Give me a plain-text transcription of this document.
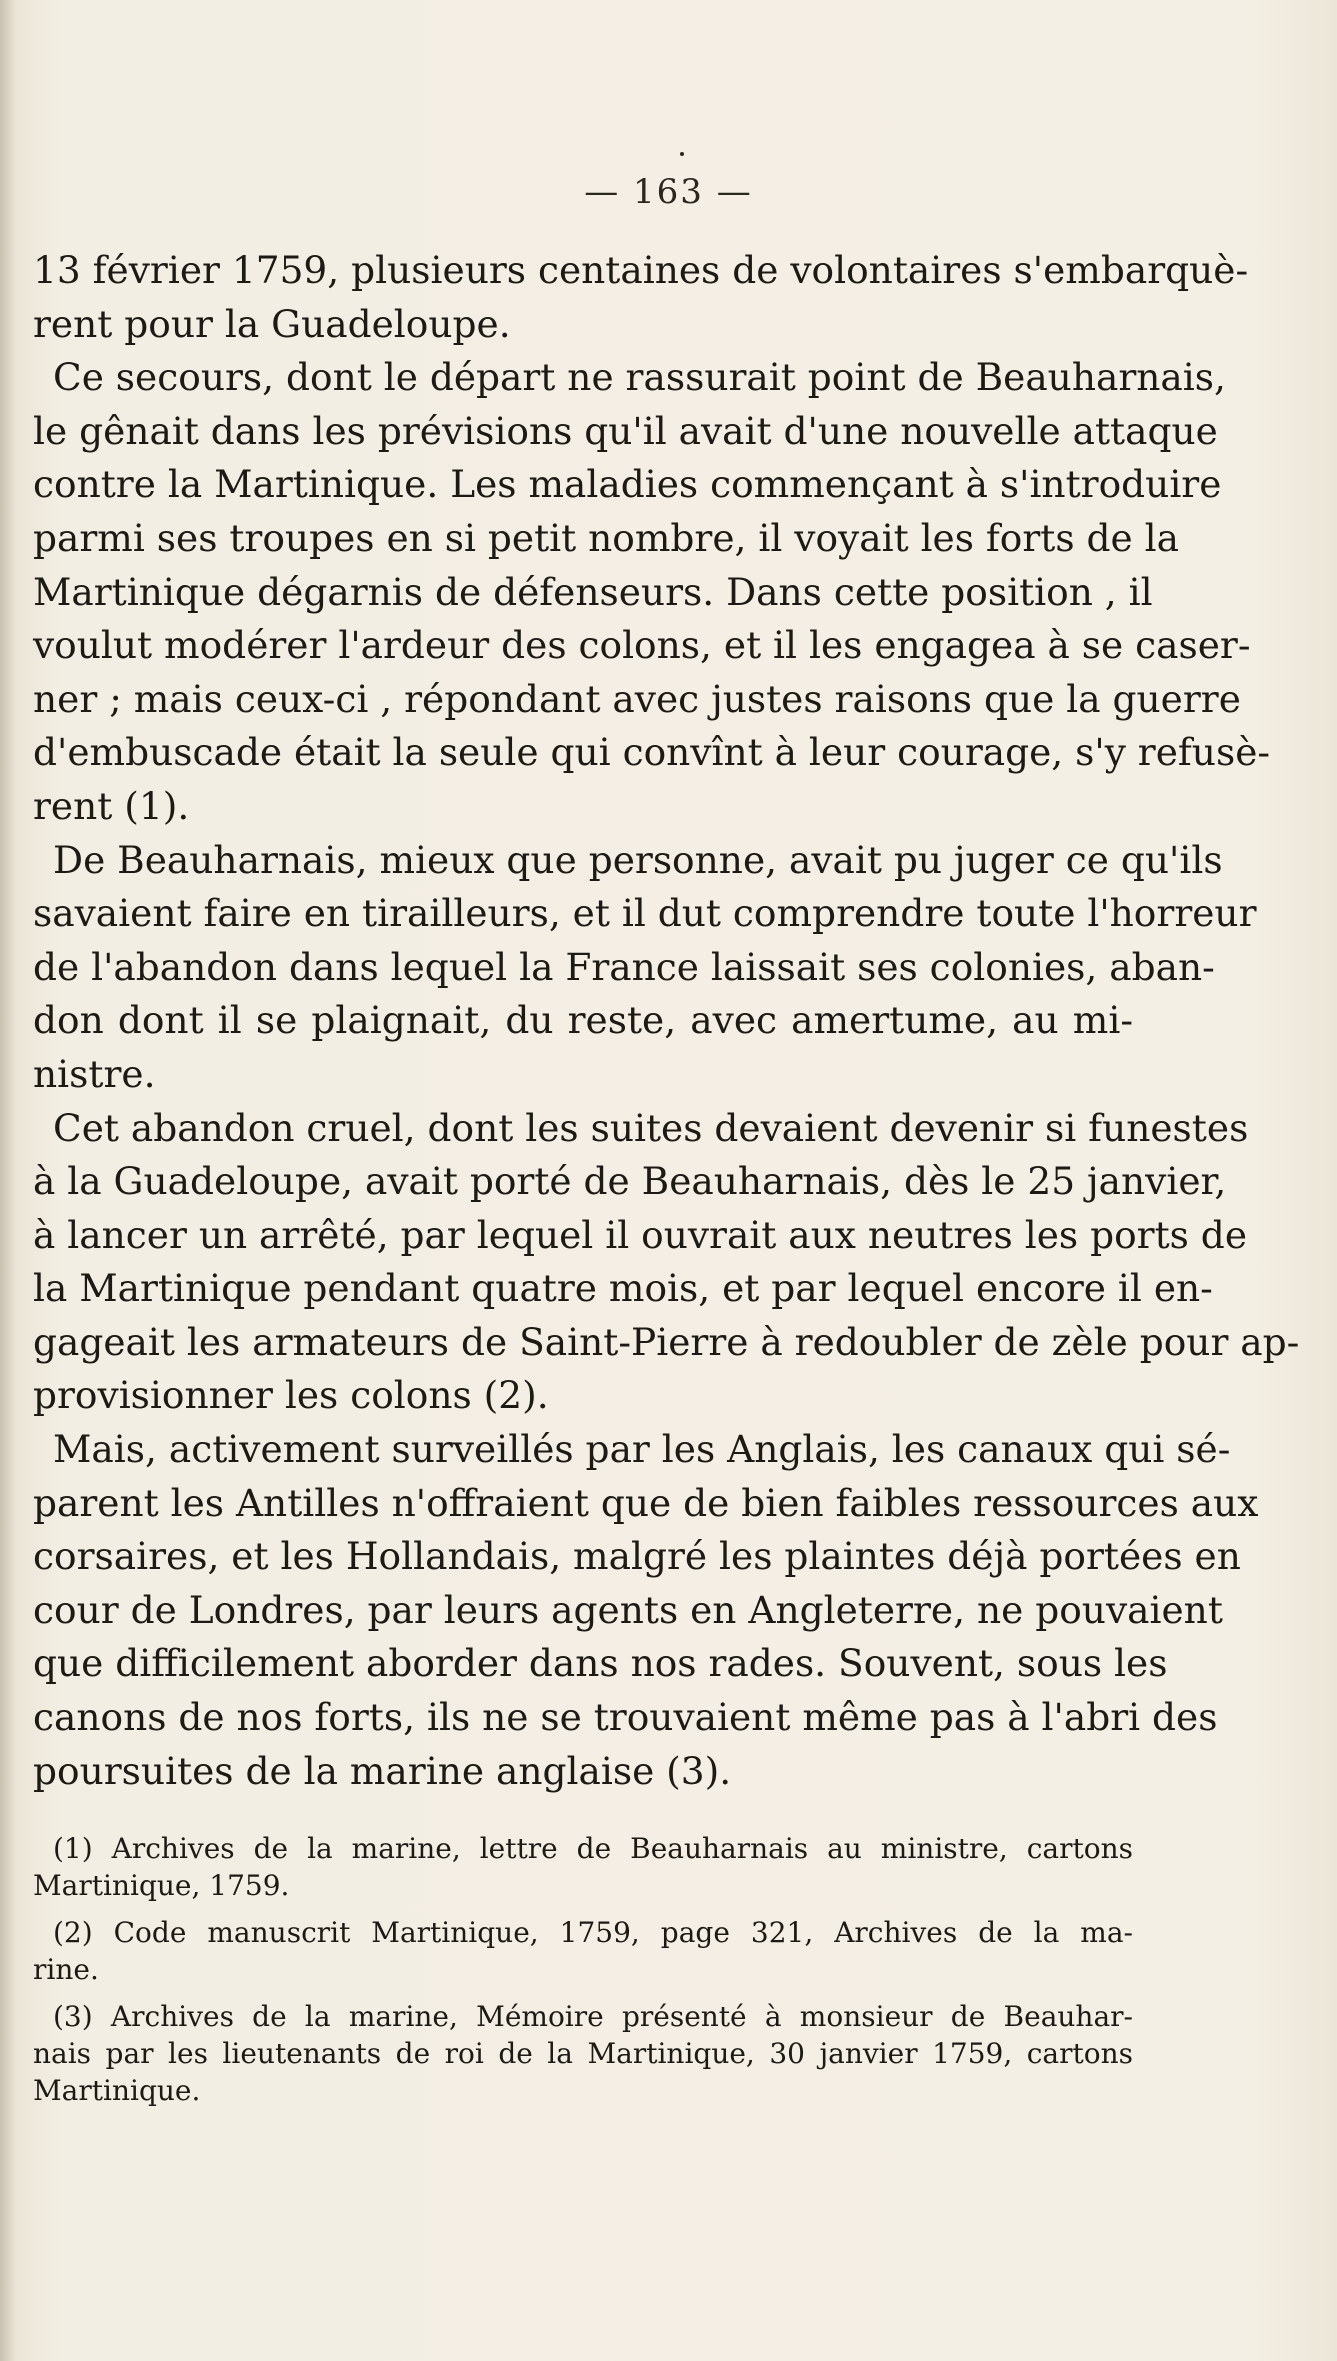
— 163 —

13 février 1759, plusieurs centaines de volontaires s'embarquè-
rent pour la Guadeloupe.

Ce secours, dont le départ ne rassurait point de Beauharnais,
le gênait dans les prévisions qu'il avait d'une nouvelle attaque
contre la Martinique. Les maladies commençant à s'introduire
parmi ses troupes en si petit nombre, il voyait les forts de la
Martinique dégarnis de défenseurs. Dans cette position , il
voulut modérer l'ardeur des colons, et il les engagea à se caser-
ner ; mais ceux-ci , répondant avec justes raisons que la guerre
d'embuscade était la seule qui convînt à leur courage, s'y refusè-
rent (1).

De Beauharnais, mieux que personne, avait pu juger ce qu'ils
savaient faire en tirailleurs, et il dut comprendre toute l'horreur
de l'abandon dans lequel la France laissait ses colonies, aban-
don dont il se plaignait, du reste, avec amertume, au mi-
nistre.

Cet abandon cruel, dont les suites devaient devenir si funestes
à la Guadeloupe, avait porté de Beauharnais, dès le 25 janvier,
à lancer un arrêté, par lequel il ouvrait aux neutres les ports de
la Martinique pendant quatre mois, et par lequel encore il en-
gageait les armateurs de Saint-Pierre à redoubler de zèle pour ap-
provisionner les colons (2).

Mais, activement surveillés par les Anglais, les canaux qui sé-
parent les Antilles n'offraient que de bien faibles ressources aux
corsaires, et les Hollandais, malgré les plaintes déjà portées en
cour de Londres, par leurs agents en Angleterre, ne pouvaient
que difficilement aborder dans nos rades. Souvent, sous les
canons de nos forts, ils ne se trouvaient même pas à l'abri des
poursuites de la marine anglaise (3).

(1) Archives de la marine, lettre de Beauharnais au ministre, cartons
Martinique, 1759.

(2) Code manuscrit Martinique, 1759, page 321, Archives de la ma-
rine.

(3) Archives de la marine, Mémoire présenté à monsieur de Beauhar-
nais par les lieutenants de roi de la Martinique, 30 janvier 1759, cartons
Martinique.
